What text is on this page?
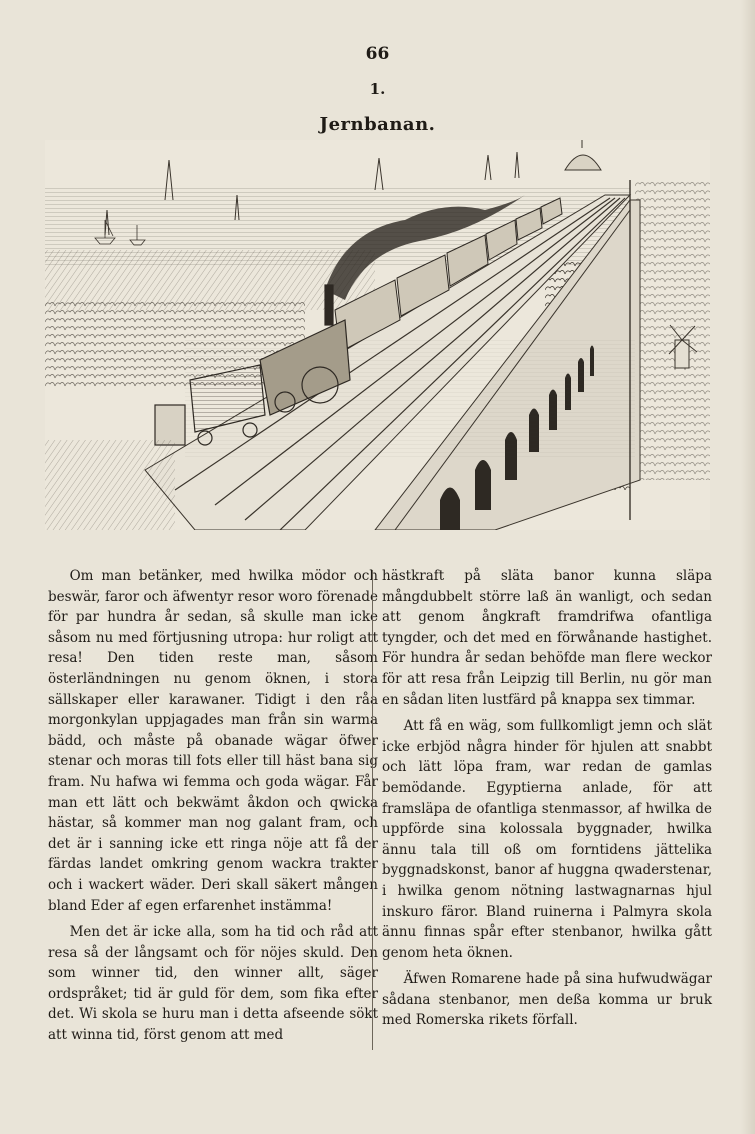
66
1.
Jernbanan.

Om man betänker, med hwilka mödor och beswär, faror och äfwentyr resor woro förenade för par hundra år sedan, så skulle man icke såsom nu med förtjusning utropa: hur roligt att resa! Den tiden reste man, såsom österländningen nu genom öknen, i stora sällskaper eller karawaner. Tidigt i den råa morgonkylan uppjagades man från sin warma bädd, och måste på obanade wägar öfwer stenar och moras till fots eller till häst bana sig fram. Nu hafwa wi femma och goda wägar. Får man ett lätt och bekwämt åkdon och qwicka hästar, så kommer man nog galant fram, och det är i sanning icke ett ringa nöje att få der färdas landet omkring genom wackra trakter och i wackert wäder. Deri skall säkert mången bland Eder af egen erfarenhet instämma!

Men det är icke alla, som ha tid och råd att resa så der långsamt och för nöjes skuld. Den som winner tid, den winner allt, säger ordspråket; tid är guld för dem, som fika efter det. Wi skola se huru man i detta afseende sökt att winna tid, först genom att med

hästkraft på släta banor kunna släpa mångdubbelt större laß än wanligt, och sedan att genom ångkraft framdrifwa ofantliga tyngder, och det med en förwånande hastighet. För hundra år sedan behöfde man flere weckor för att resa från Leipzig till Berlin, nu gör man en sådan liten lustfärd på knappa sex timmar.

Att få en wäg, som fullkomligt jemn och slät icke erbjöd några hinder för hjulen att snabbt och lätt löpa fram, war redan de gamlas bemödande. Egyptierna anlade, för att framsläpa de ofantliga stenmassor, af hwilka de uppförde sina kolossala byggnader, hwilka ännu tala till oß om forntidens jättelika byggnadskonst, banor af huggna qwaderstenar, i hwilka genom nötning lastwagnarnas hjul inskuro färor. Bland ruinerna i Palmyra skola ännu finnas spår efter stenbanor, hwilka gått genom heta öknen.

Äfwen Romarene hade på sina hufwudwägar sådana stenbanor, men deßa komma ur bruk med Romerska rikets förfall.
